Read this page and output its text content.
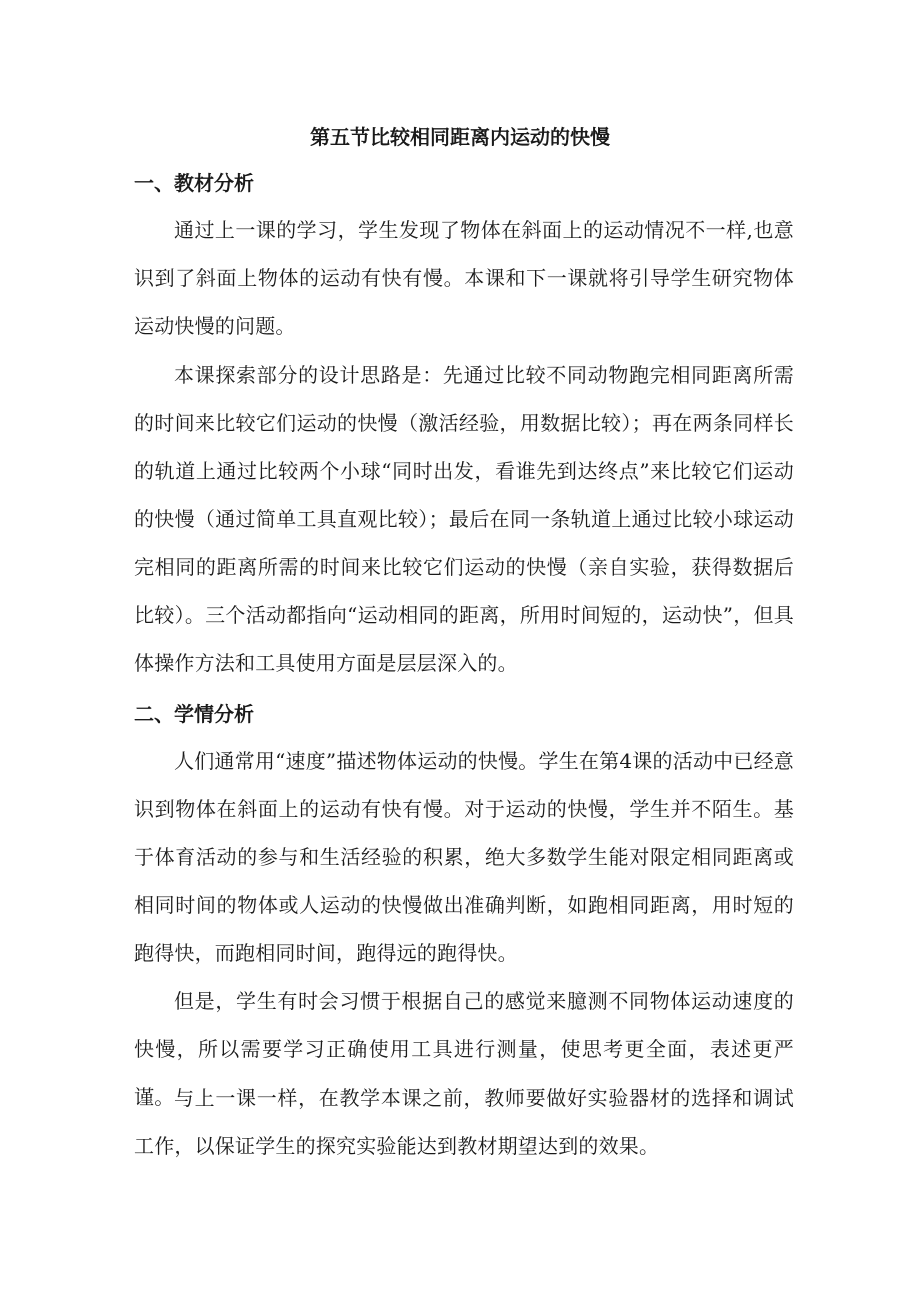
第五节比较相同距离内运动的快慢
一、教材分析

通过上一课的学习，学生发现了物体在斜面上的运动情况不一样,也意识到了斜面上物体的运动有快有慢。本课和下一课就将引导学生研究物体运动快慢的问题。

本课探索部分的设计思路是：先通过比较不同动物跑完相同距离所需的时间来比较它们运动的快慢（激活经验，用数据比较）；再在两条同样长的轨道上通过比较两个小球“同时出发，看谁先到达终点”来比较它们运动的快慢（通过简单工具直观比较）；最后在同一条轨道上通过比较小球运动完相同的距离所需的时间来比较它们运动的快慢（亲自实验，获得数据后比较）。三个活动都指向“运动相同的距离，所用时间短的，运动快”，但具体操作方法和工具使用方面是层层深入的。

二、学情分析

人们通常用“速度”描述物体运动的快慢。学生在第4课的活动中已经意识到物体在斜面上的运动有快有慢。对于运动的快慢，学生并不陌生。基于体育活动的参与和生活经验的积累，绝大多数学生能对限定相同距离或相同时间的物体或人运动的快慢做出准确判断，如跑相同距离，用时短的跑得快，而跑相同时间，跑得远的跑得快。

但是，学生有时会习惯于根据自己的感觉来臆测不同物体运动速度的快慢，所以需要学习正确使用工具进行测量，使思考更全面，表述更严谨。 与上一课一样，在教学本课之前，教师要做好实验器材的选择和调试工作，以保证学生的探究实验能达到教材期望达到的效果。
